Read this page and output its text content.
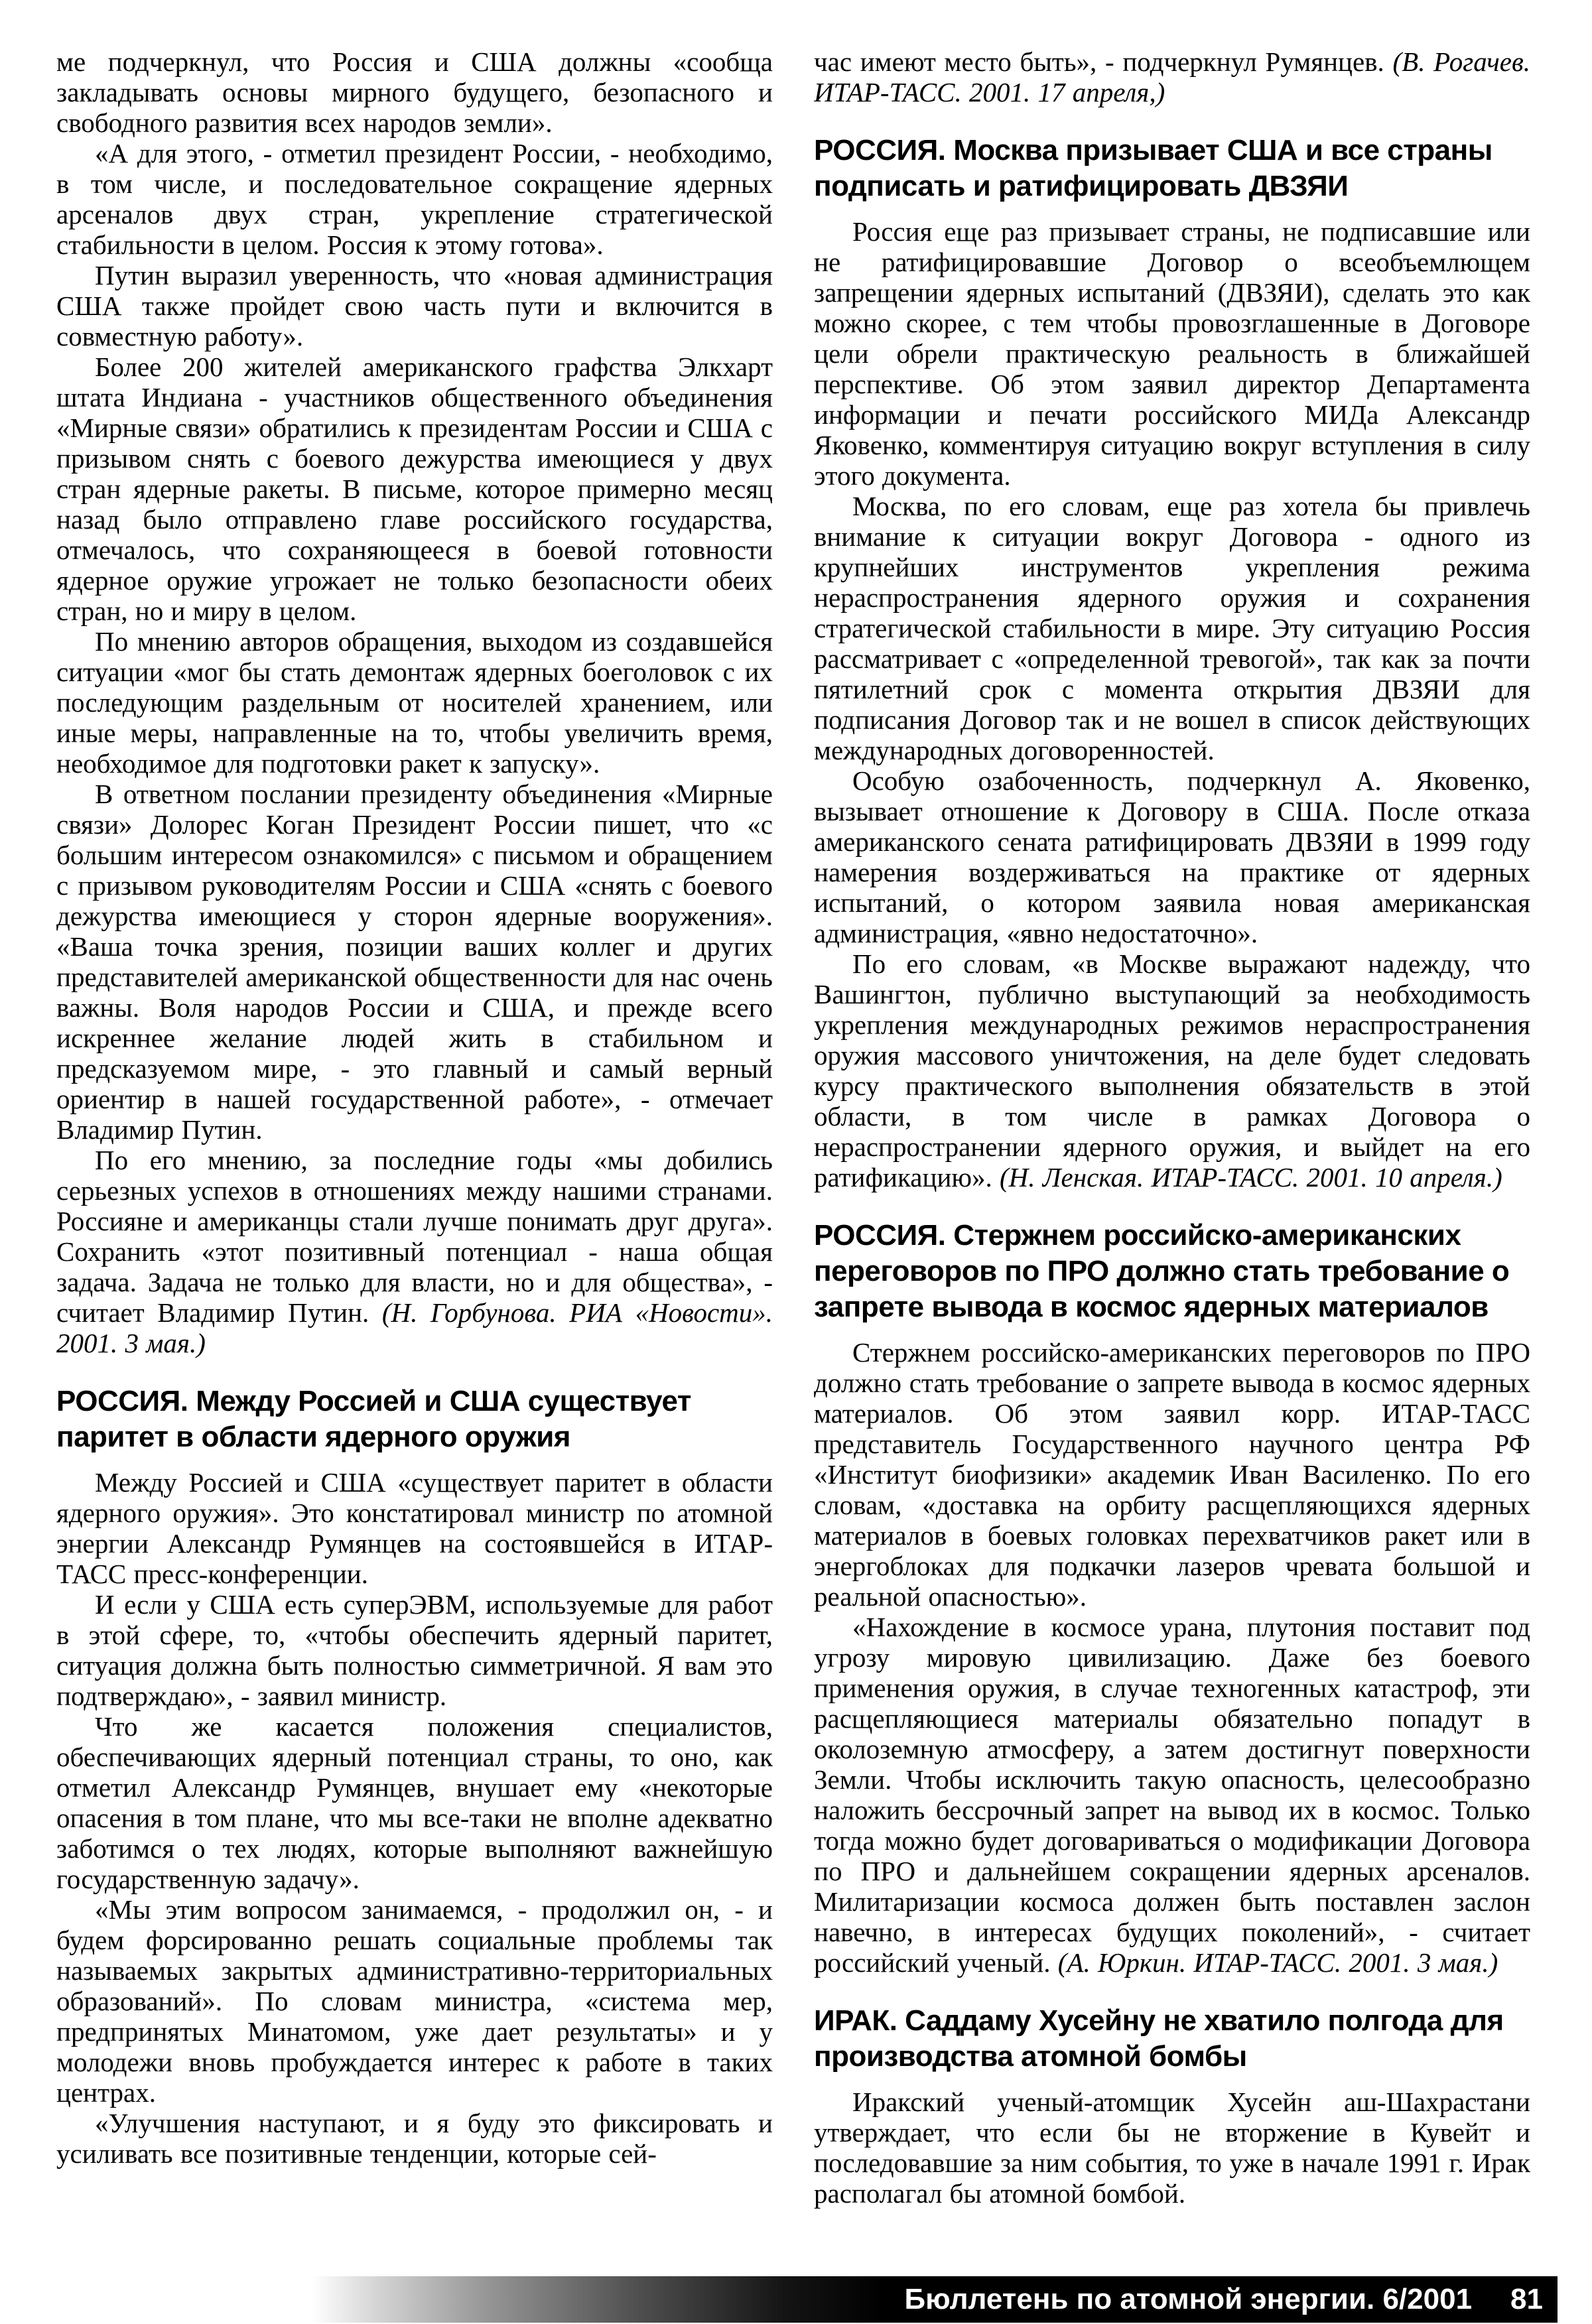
ме подчеркнул, что Россия и США должны «сообща закладывать основы мирного будущего, безопасного и свободного развития всех народов земли».

«А для этого, - отметил президент России, - необходимо, в том числе, и последовательное сокращение ядерных арсеналов двух стран, укрепление стратегической стабильности в целом. Россия к этому готова».

Путин выразил уверенность, что «новая администрация США также пройдет свою часть пути и включится в совместную работу».

Более 200 жителей американского графства Элкхарт штата Индиана - участников общественного объединения «Мирные связи» обратились к президентам России и США с призывом снять с боевого дежурства имеющиеся у двух стран ядерные ракеты. В письме, которое примерно месяц назад было отправлено главе российского государства, отмечалось, что сохраняющееся в боевой готовности ядерное оружие угрожает не только безопасности обеих стран, но и миру в целом.

По мнению авторов обращения, выходом из создавшейся ситуации «мог бы стать демонтаж ядерных боеголовок с их последующим раздельным от носителей хранением, или иные меры, направленные на то, чтобы увеличить время, необходимое для подготовки ракет к запуску».

В ответном послании президенту объединения «Мирные связи» Долорес Коган Президент России пишет, что «с большим интересом ознакомился» с письмом и обращением с призывом руководителям России и США «снять с боевого дежурства имеющиеся у сторон ядерные вооружения». «Ваша точка зрения, позиции ваших коллег и других представителей американской общественности для нас очень важны. Воля народов России и США, и прежде всего искреннее желание людей жить в стабильном и предсказуемом мире, - это главный и самый верный ориентир в нашей государственной работе», - отмечает Владимир Путин.

По его мнению, за последние годы «мы добились серьезных успехов в отношениях между нашими странами. Россияне и американцы стали лучше понимать друг друга». Сохранить «этот позитивный потенциал - наша общая задача. Задача не только для власти, но и для общества», - считает Владимир Путин. (Н. Горбунова. РИА «Новости». 2001. 3 мая.)

РОССИЯ. Между Россией и США существует паритет в области ядерного оружия

Между Россией и США «существует паритет в области ядерного оружия». Это констатировал министр по атомной энергии Александр Румянцев на состоявшейся в ИТАР-ТАСС пресс-конференции.

И если у США есть суперЭВМ, используемые для работ в этой сфере, то, «чтобы обеспечить ядерный паритет, ситуация должна быть полностью симметричной. Я вам это подтверждаю», - заявил министр.

Что же касается положения специалистов, обеспечивающих ядерный потенциал страны, то оно, как отметил Александр Румянцев, внушает ему «некоторые опасения в том плане, что мы все-таки не вполне адекватно заботимся о тех людях, которые выполняют важнейшую государственную задачу».

«Мы этим вопросом занимаемся, - продолжил он, - и будем форсированно решать социальные проблемы так называемых закрытых административно-территориальных образований». По словам министра, «система мер, предпринятых Минатомом, уже дает результаты» и у молодежи вновь пробуждается интерес к работе в таких центрах.

«Улучшения наступают, и я буду это фиксировать и усиливать все позитивные тенденции, которые сей-

час имеют место быть», - подчеркнул Румянцев. (В. Рогачев. ИТАР-ТАСС. 2001. 17 апреля,)

РОССИЯ. Москва призывает США и все страны подписать и ратифицировать ДВЗЯИ

Россия еще раз призывает страны, не подписавшие или не ратифицировавшие Договор о всеобъемлющем запрещении ядерных испытаний (ДВЗЯИ), сделать это как можно скорее, с тем чтобы провозглашенные в Договоре цели обрели практическую реальность в ближайшей перспективе. Об этом заявил директор Департамента информации и печати российского МИДа Александр Яковенко, комментируя ситуацию вокруг вступления в силу этого документа.

Москва, по его словам, еще раз хотела бы привлечь внимание к ситуации вокруг Договора - одного из крупнейших инструментов укрепления режима нераспространения ядерного оружия и сохранения стратегической стабильности в мире. Эту ситуацию Россия рассматривает с «определенной тревогой», так как за почти пятилетний срок с момента открытия ДВЗЯИ для подписания Договор так и не вошел в список действующих международных договоренностей.

Особую озабоченность, подчеркнул А. Яковенко, вызывает отношение к Договору в США. После отказа американского сената ратифицировать ДВЗЯИ в 1999 году намерения воздерживаться на практике от ядерных испытаний, о котором заявила новая американская администрация, «явно недостаточно».

По его словам, «в Москве выражают надежду, что Вашингтон, публично выступающий за необходимость укрепления международных режимов нераспространения оружия массового уничтожения, на деле будет следовать курсу практического выполнения обязательств в этой области, в том числе в рамках Договора о нераспространении ядерного оружия, и выйдет на его ратификацию». (Н. Ленская. ИТАР-ТАСС. 2001. 10 апреля.)

РОССИЯ. Стержнем российско-американских переговоров по ПРО должно стать требование о запрете вывода в космос ядерных материалов

Стержнем российско-американских переговоров по ПРО должно стать требование о запрете вывода в космос ядерных материалов. Об этом заявил корр. ИТАР-ТАСС представитель Государственного научного центра РФ «Институт биофизики» академик Иван Василенко. По его словам, «доставка на орбиту расщепляющихся ядерных материалов в боевых головках перехватчиков ракет или в энергоблоках для подкачки лазеров чревата большой и реальной опасностью».

«Нахождение в космосе урана, плутония поставит под угрозу мировую цивилизацию. Даже без боевого применения оружия, в случае техногенных катастроф, эти расщепляющиеся материалы обязательно попадут в околоземную атмосферу, а затем достигнут поверхности Земли. Чтобы исключить такую опасность, целесообразно наложить бессрочный запрет на вывод их в космос. Только тогда можно будет договариваться о модификации Договора по ПРО и дальнейшем сокращении ядерных арсеналов. Милитаризации космоса должен быть поставлен заслон навечно, в интересах будущих поколений», - считает российский ученый. (А. Юркин. ИТАР-ТАСС. 2001. 3 мая.)

ИРАК. Саддаму Хусейну не хватило полгода для производства атомной бомбы

Иракский ученый-атомщик Хусейн аш-Шахрастани утверждает, что если бы не вторжение в Кувейт и последовавшие за ним события, то уже в начале 1991 г. Ирак располагал бы атомной бомбой.

Бюллетень по атомной энергии. 6/2001 81
